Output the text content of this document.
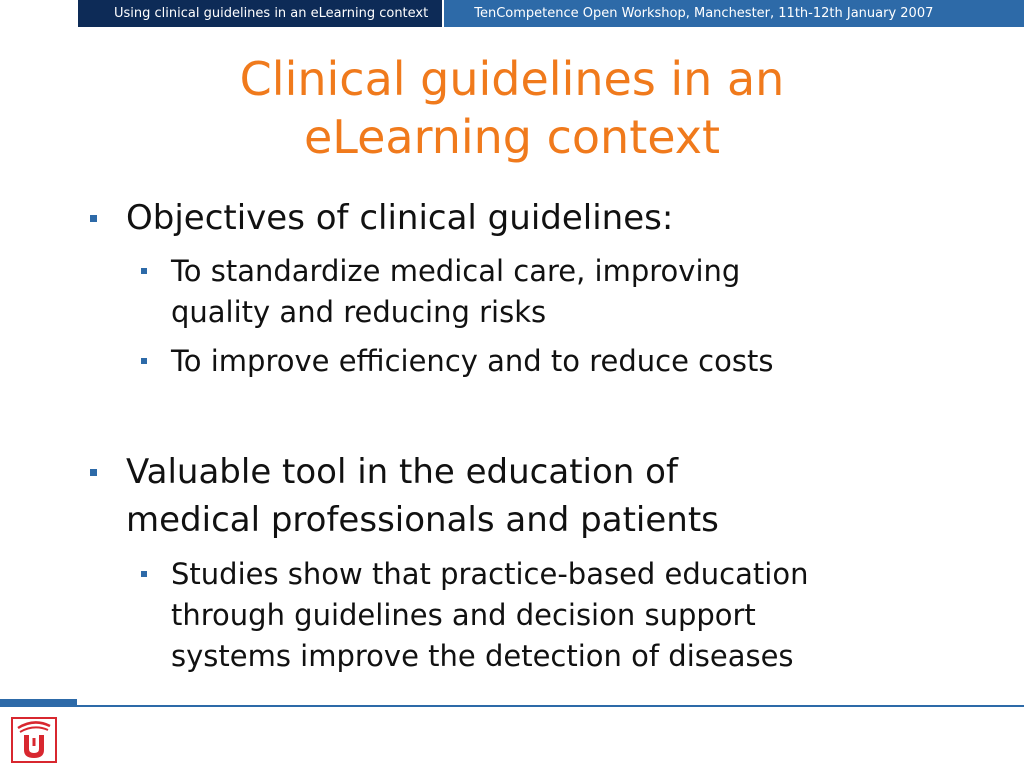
Using clinical guidelines in an eLearning context	TenCompetence Open Workshop, Manchester, 11th-12th January 2007
Clinical guidelines in an
eLearning context
Objectives of clinical guidelines:
To standardize medical care, improving
quality and reducing risks
To improve efficiency and to reduce costs
Valuable tool in the education of
medical professionals and patients
Studies show that practice-based education
through guidelines and decision support
systems improve the detection of diseases
